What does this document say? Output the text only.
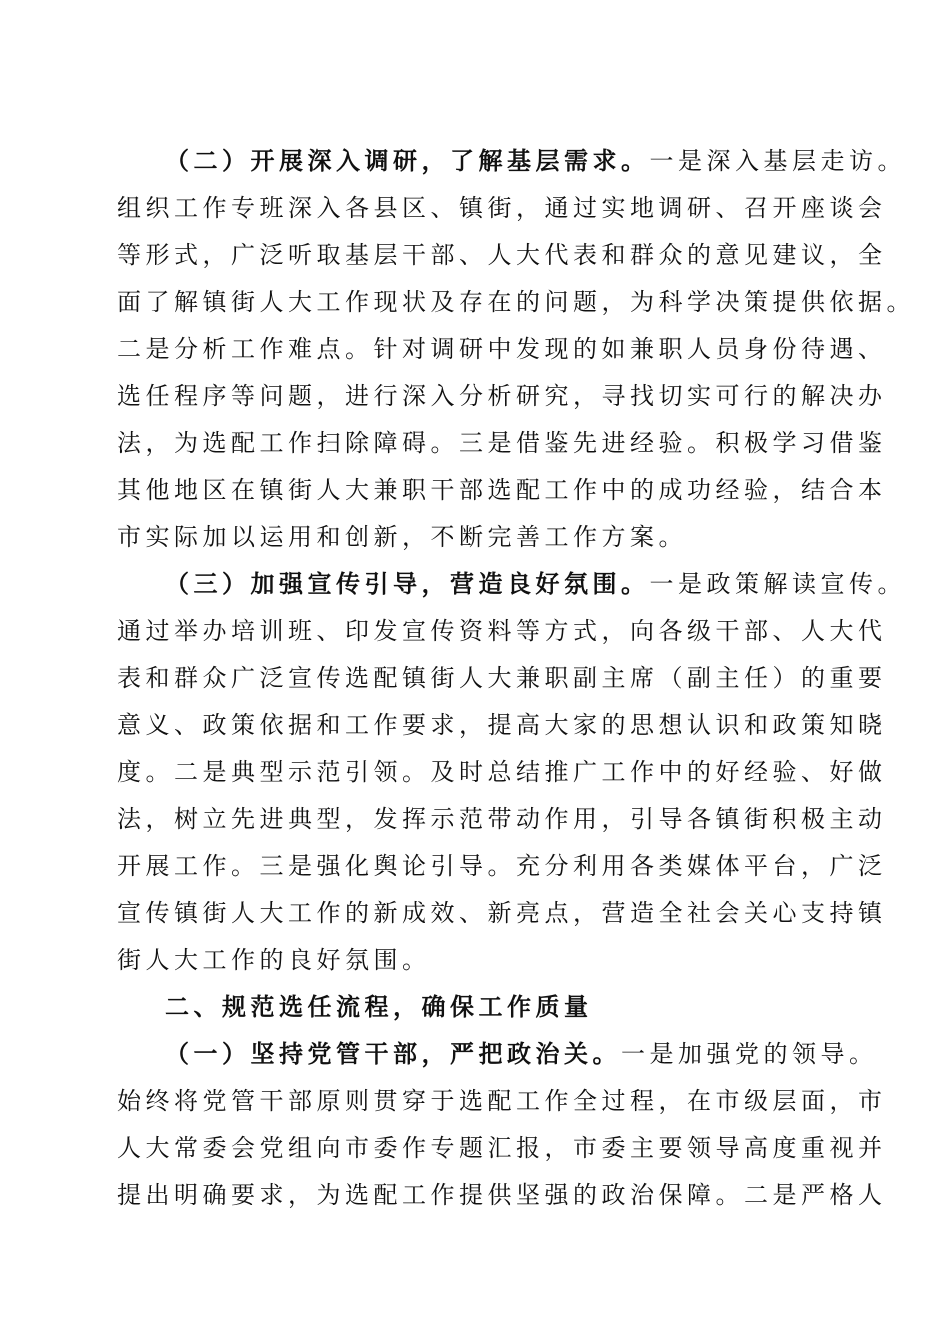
（二）开展深入调研，了解基层需求。一是深入基层走访。
组织工作专班深入各县区、镇街，通过实地调研、召开座谈会
等形式，广泛听取基层干部、人大代表和群众的意见建议，全
面了解镇街人大工作现状及存在的问题，为科学决策提供依据。
二是分析工作难点。针对调研中发现的如兼职人员身份待遇、
选任程序等问题，进行深入分析研究，寻找切实可行的解决办
法，为选配工作扫除障碍。三是借鉴先进经验。积极学习借鉴
其他地区在镇街人大兼职干部选配工作中的成功经验，结合本
市实际加以运用和创新，不断完善工作方案。
（三）加强宣传引导，营造良好氛围。一是政策解读宣传。
通过举办培训班、印发宣传资料等方式，向各级干部、人大代
表和群众广泛宣传选配镇街人大兼职副主席（副主任）的重要
意义、政策依据和工作要求，提高大家的思想认识和政策知晓
度。二是典型示范引领。及时总结推广工作中的好经验、好做
法，树立先进典型，发挥示范带动作用，引导各镇街积极主动
开展工作。三是强化舆论引导。充分利用各类媒体平台，广泛
宣传镇街人大工作的新成效、新亮点，营造全社会关心支持镇
街人大工作的良好氛围。
二、规范选任流程，确保工作质量
（一）坚持党管干部，严把政治关。一是加强党的领导。
始终将党管干部原则贯穿于选配工作全过程，在市级层面，市
人大常委会党组向市委作专题汇报，市委主要领导高度重视并
提出明确要求，为选配工作提供坚强的政治保障。二是严格人
